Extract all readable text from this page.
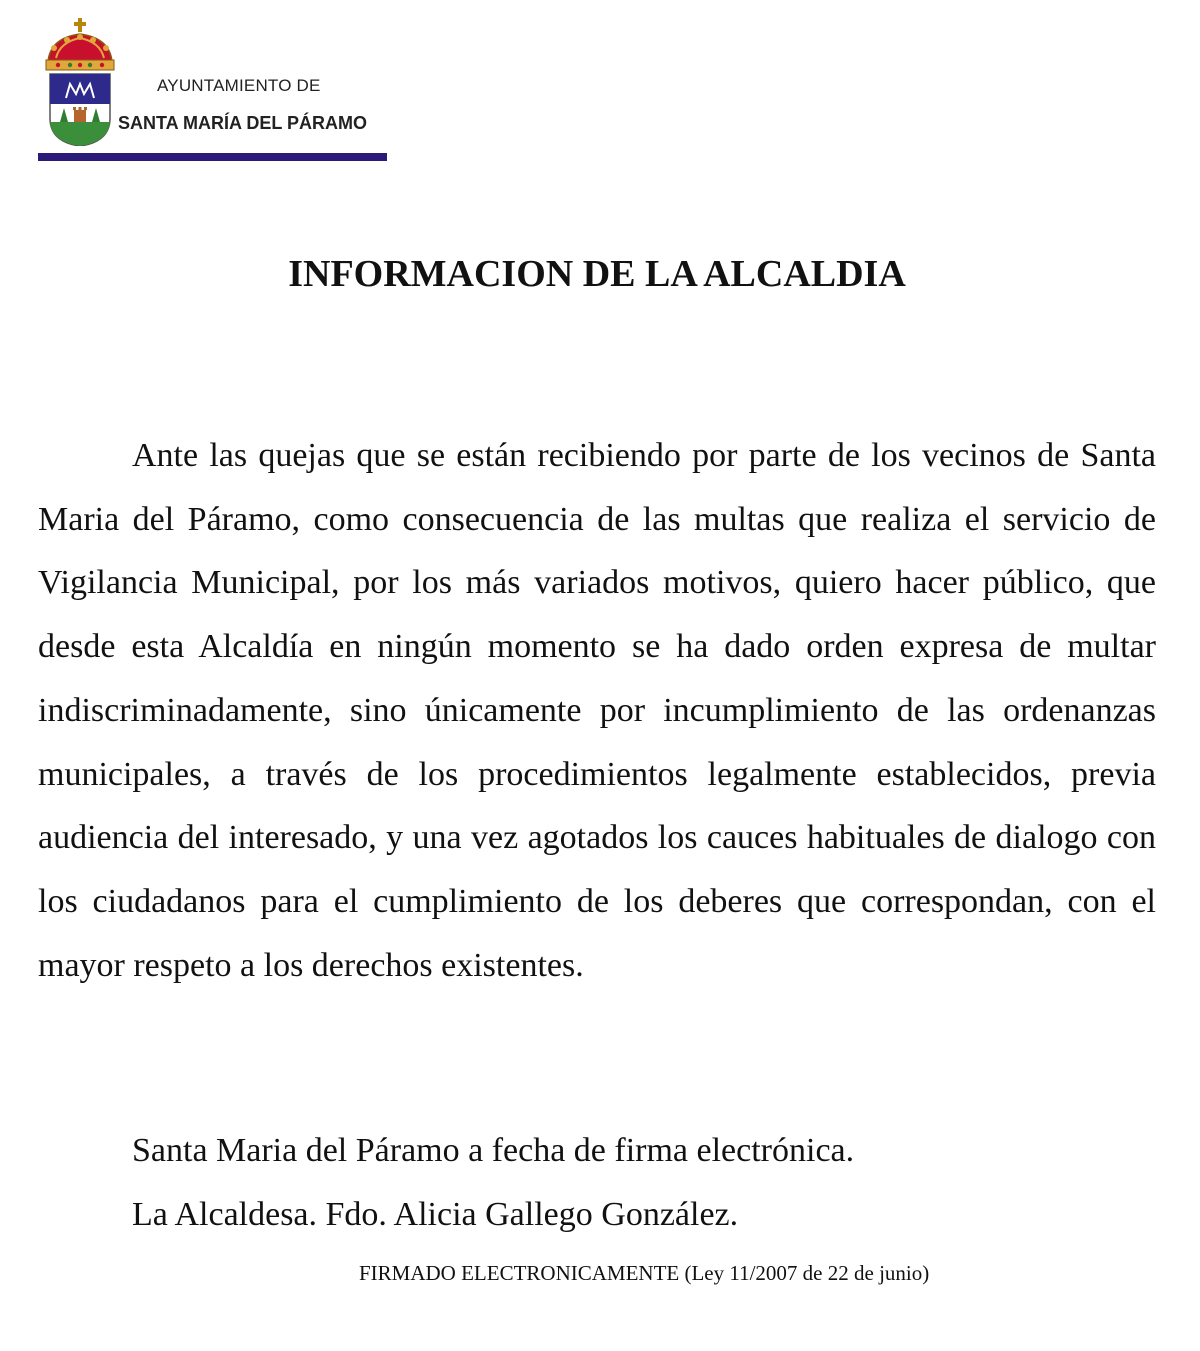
AYUNTAMIENTO DE
SANTA MARÍA DEL PÁRAMO
INFORMACION DE LA ALCALDIA

Ante las quejas que se están recibiendo por parte de los vecinos de Santa Maria del Páramo, como consecuencia de las multas que realiza el servicio de Vigilancia Municipal, por los más variados motivos, quiero hacer público, que desde esta Alcaldía en ningún momento se ha dado orden expresa de multar indiscriminadamente, sino únicamente por incumplimiento de las ordenanzas municipales, a través de los procedimientos legalmente establecidos, previa audiencia del interesado, y una vez agotados los cauces habituales de dialogo con los ciudadanos para el cumplimiento de los deberes que correspondan, con el mayor respeto a los derechos existentes.

Santa Maria del Páramo a fecha de firma electrónica.

La Alcaldesa. Fdo. Alicia Gallego González.

FIRMADO ELECTRONICAMENTE (Ley 11/2007 de 22 de junio)
